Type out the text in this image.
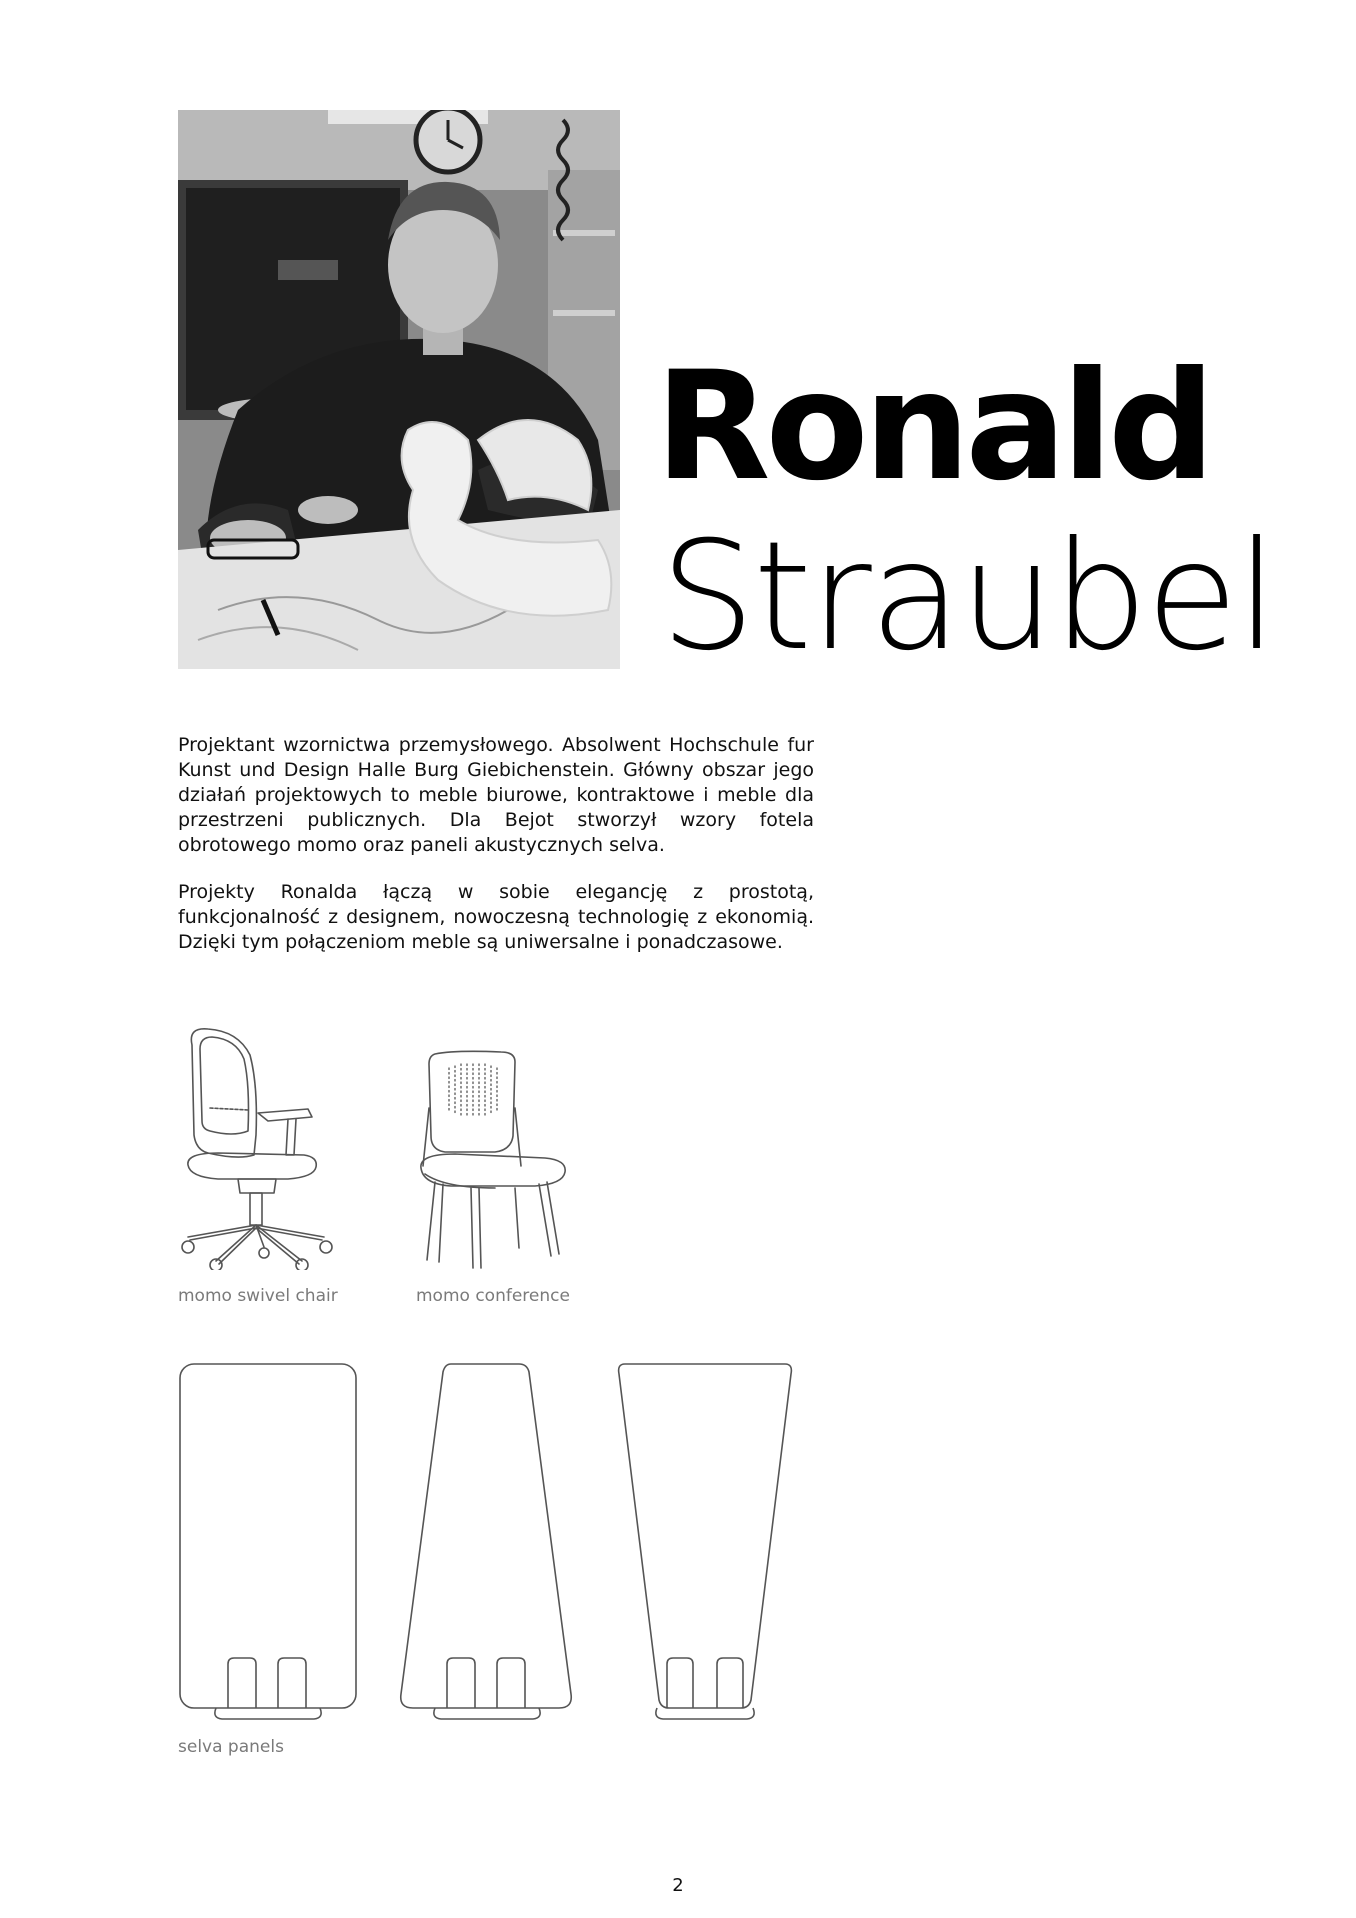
Ronald
Straubel

Projektant wzornictwa przemysłowego. Absolwent Hochschule fur Kunst und Design Halle Burg Giebichenstein. Główny obszar jego działań projektowych to meble biurowe, kontraktowe i meble dla przestrzeni publicznych. Dla Bejot stworzył wzory fotela obrotowego momo oraz paneli akustycznych selva.

Projekty Ronalda łączą w sobie elegancję z prostotą, funkcjonalność z designem, nowoczesną technologię z ekonomią. Dzięki tym połączeniom meble są uniwersalne i ponadczasowe.

momo swivel chair	momo conference

selva panels

2
